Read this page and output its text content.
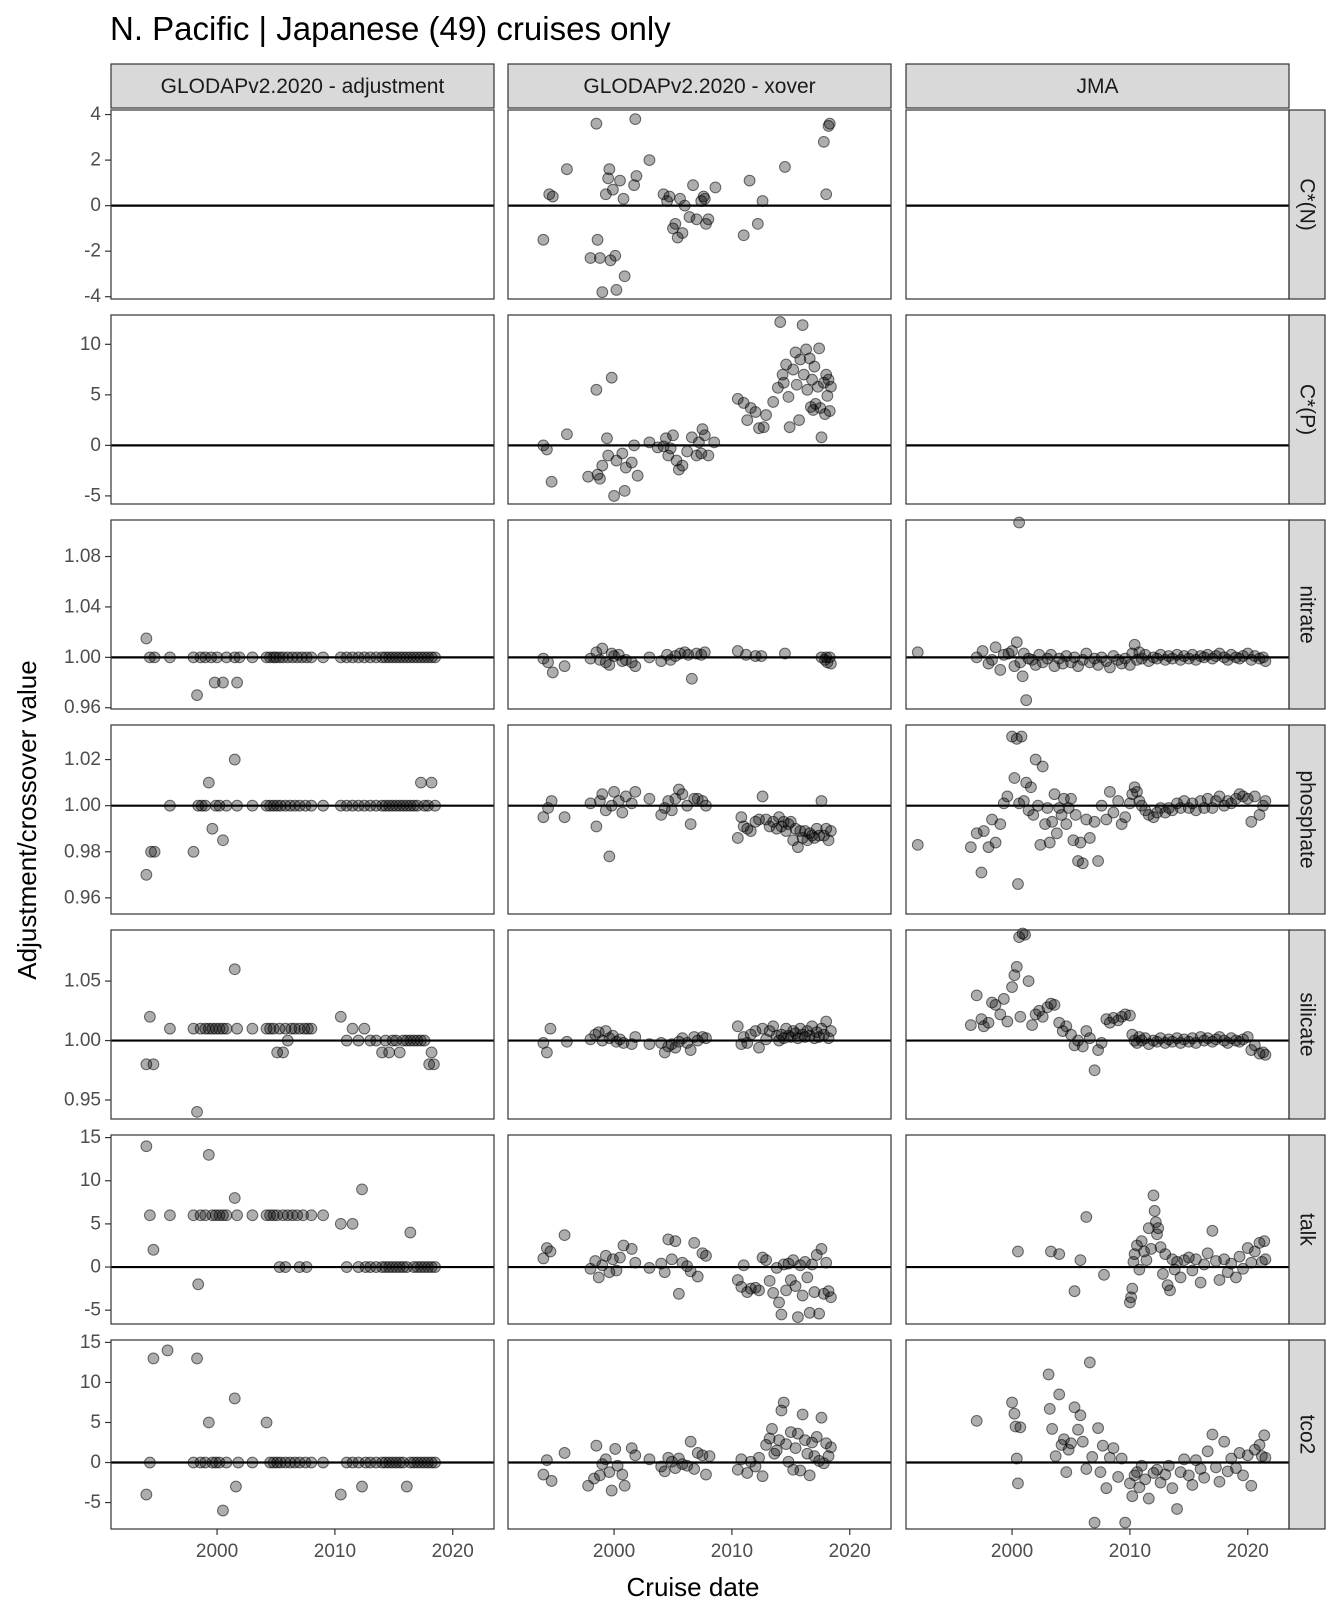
N. Pacific | Japanese (49) cruises only
Cruise date
Adjustment/crossover value
GLODAPv2.2020 - adjustment	GLODAPv2.2020 - xover	JMA
C*(N)
4
2
0
-2
-4
C*(P)
10
5
0
-5
nitrate
1.08
1.04
1.00
0.96
phosphate
1.02
1.00
0.98
0.96
silicate
1.05
1.00
0.95
talk
15
10
5
0
-5
tco2
15
10
5
0
-5
2000	2010	2020	2000	2010	2020	2000	2010	2020
